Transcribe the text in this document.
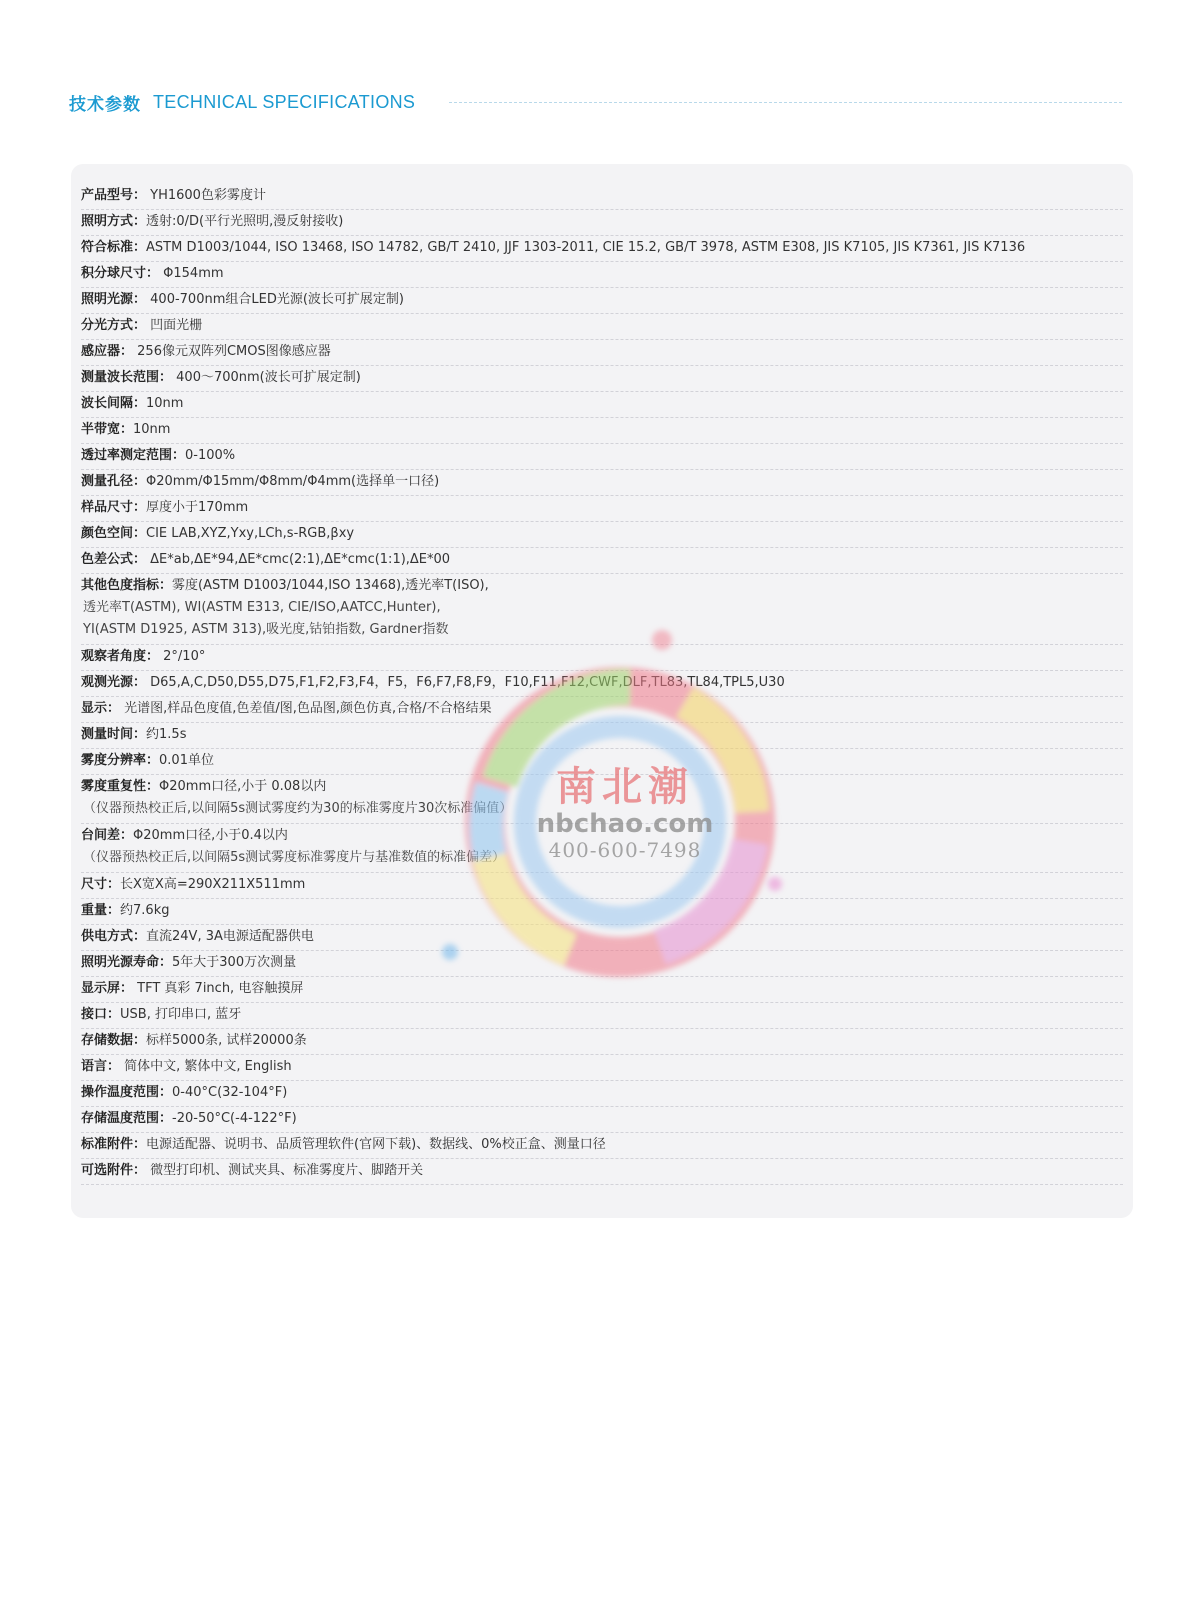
技术参数 TECHNICAL SPECIFICATIONS
产品型号： YH1600色彩雾度计
照明方式：透射:0/D(平行光照明,漫反射接收)
符合标准：ASTM D1003/1044, ISO 13468, ISO 14782, GB/T 2410, JJF 1303-2011, CIE 15.2, GB/T 3978, ASTM E308, JIS K7105, JIS K7361, JIS K7136
积分球尺寸： Φ154mm
照明光源： 400-700nm组合LED光源(波长可扩展定制)
分光方式： 凹面光栅
感应器： 256像元双阵列CMOS图像感应器
测量波长范围： 400～700nm(波长可扩展定制)
波长间隔：10nm
半带宽：10nm
透过率测定范围：0-100%
测量孔径：Φ20mm/Φ15mm/Φ8mm/Φ4mm(选择单一口径)
样品尺寸：厚度小于170mm
颜色空间：CIE LAB,XYZ,Yxy,LCh,s-RGB,βxy
色差公式： ΔE*ab,ΔE*94,ΔE*cmc(2:1),ΔE*cmc(1:1),ΔE*00
其他色度指标：雾度(ASTM D1003/1044,ISO 13468),透光率T(ISO),
透光率T(ASTM), WI(ASTM E313, CIE/ISO,AATCC,Hunter),
YI(ASTM D1925, ASTM 313),吸光度,钴铂指数, Gardner指数
观察者角度： 2°/10°
观测光源： D65,A,C,D50,D55,D75,F1,F2,F3,F4，F5，F6,F7,F8,F9，F10,F11,F12,CWF,DLF,TL83,TL84,TPL5,U30
显示： 光谱图,样品色度值,色差值/图,色品图,颜色仿真,合格/不合格结果
测量时间：约1.5s
雾度分辨率：0.01单位
雾度重复性：Φ20mm口径,小于 0.08以内
（仪器预热校正后,以间隔5s测试雾度约为30的标准雾度片30次标准偏值）
台间差：Φ20mm口径,小于0.4以内
（仪器预热校正后,以间隔5s测试雾度标准雾度片与基准数值的标准偏差）
尺寸：长X宽X高=290X211X511mm
重量：约7.6kg
供电方式：直流24V, 3A电源适配器供电
照明光源寿命：5年大于300万次测量
显示屏： TFT 真彩 7inch, 电容触摸屏
接口：USB, 打印串口, 蓝牙
存储数据：标样5000条, 试样20000条
语言： 简体中文, 繁体中文, English
操作温度范围：0-40°C(32-104°F)
存储温度范围：-20-50°C(-4-122°F)
标准附件：电源适配器、说明书、品质管理软件(官网下载)、数据线、0%校正盒、测量口径
可选附件： 微型打印机、测试夹具、标准雾度片、脚踏开关
南北潮
nbchao.com
400-600-7498
